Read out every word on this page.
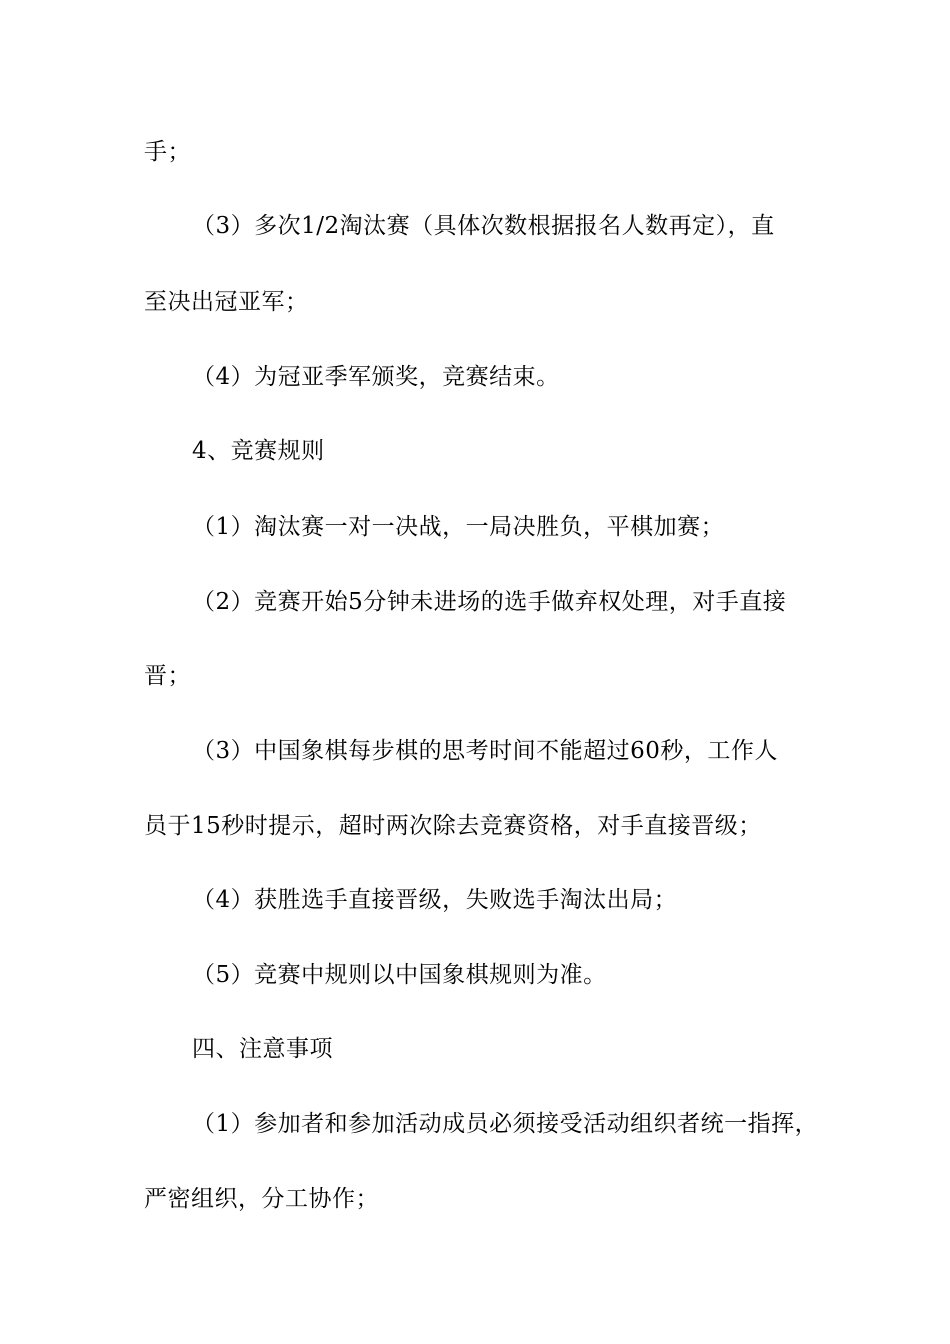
手；
（3）多次1/2淘汰赛（具体次数根据报名人数再定），直
至决出冠亚军；
（4）为冠亚季军颁奖，竞赛结束。
4、竞赛规则
（1）淘汰赛一对一决战，一局决胜负，平棋加赛；
（2）竞赛开始5分钟未进场的选手做弃权处理，对手直接
晋；
（3）中国象棋每步棋的思考时间不能超过60秒，工作人
员于15秒时提示，超时两次除去竞赛资格，对手直接晋级；
（4）获胜选手直接晋级，失败选手淘汰出局；
（5）竞赛中规则以中国象棋规则为准。
四、注意事项
（1）参加者和参加活动成员必须接受活动组织者统一指挥，
严密组织，分工协作；
